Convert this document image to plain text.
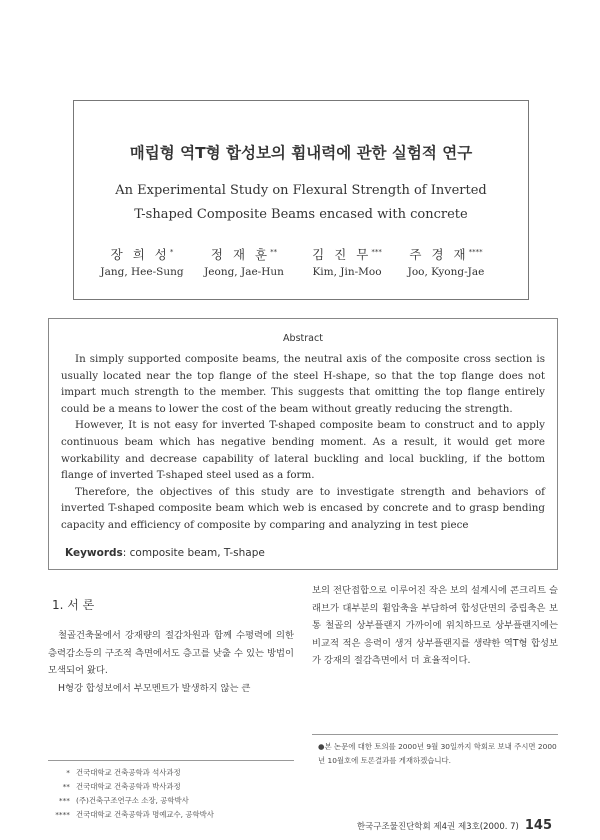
매립형 역T형 합성보의 휨내력에 관한 실험적 연구
An Experimental Study on Flexural Strength of Inverted
T-shaped Composite Beams encased with concrete
장 희 성*
Jang, Hee-Sung
정 재 훈**
Jeong, Jae-Hun
김 진 무***
Kim, Jin-Moo
주 경 재****
Joo, Kyong-Jae
Abstract

In simply supported composite beams, the neutral axis of the composite cross section is usually located near the top flange of the steel H-shape, so that the top flange does not impart much strength to the member. This suggests that omitting the top flange entirely could be a means to lower the cost of the beam without greatly reducing the strength.

However, It is not easy for inverted T-shaped composite beam to construct and to apply continuous beam which has negative bending moment. As a result, it would get more workability and decrease capability of lateral buckling and local buckling, if the bottom flange of inverted T-shaped steel used as a form.

Therefore, the objectives of this study are to investigate strength and behaviors of inverted T-shaped composite beam which web is encased by concrete and to grasp bending capacity and efficiency of composite by comparing and analyzing in test piece

Keywords: composite beam, T-shape
1. 서 론

철골건축물에서 강재량의 절감차원과 함께 수평력에 의한 층력감소등의 구조적 측면에서도 층고를 낮출 수 있는 방법이 모색되어 왔다.

H형강 합성보에서 부모멘트가 발생하지 않는 큰

보의 전단접합으로 이루어진 작은 보의 설계시에 콘크리트 슬래브가 대부분의 휨압축을 부담하여 합성단면의 중립축은 보통 철골의 상부플랜지 가까이에 위치하므로 상부플랜지에는 비교적 적은 응력이 생겨 상부플랜지를 생략한 역T형 합성보가 강재의 절감측면에서 더 효율적이다.

* 건국대학교 건축공학과 석사과정
** 건국대학교 건축공학과 박사과정
*** (주)건축구조연구소 소장, 공학박사
**** 건국대학교 건축공학과 명예교수, 공학박사
●본 논문에 대한 토의를 2000년 9월 30일까지 학회로 보내 주시면 2000년 10월호에 토론결과를 게재하겠습니다.
한국구조물진단학회 제4권 제3호(2000. 7) 145
